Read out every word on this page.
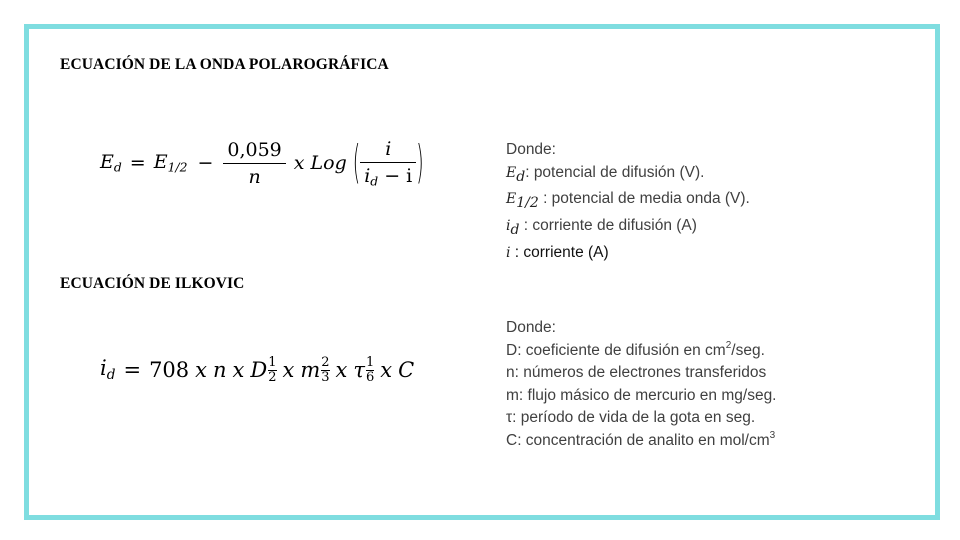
ECUACIÓN DE LA ONDA POLAROGRÁFICA
$E_d = E_{1/2} - \frac{0,059}{n}$ x Log ( $\frac{i}{i_d - i}$ )	Donde:
Ed: potencial de difusión (V).
E1/2 : potencial de media onda (V).
id : corriente de difusión (A)
i : corriente (A)
ECUACIÓN DE ILKOVIC
$i_d = 708$ x n x D 1
2 x m 2
3 x τ 1
6 x C
Donde:
D: coeficiente de difusión en $cm^2$/seg.
n: números de electrones transferidos
m: flujo másico de mercurio en mg/seg.
τ: período de vida de la gota en seg.
C: concentración de analito en mol/$cm^3$
